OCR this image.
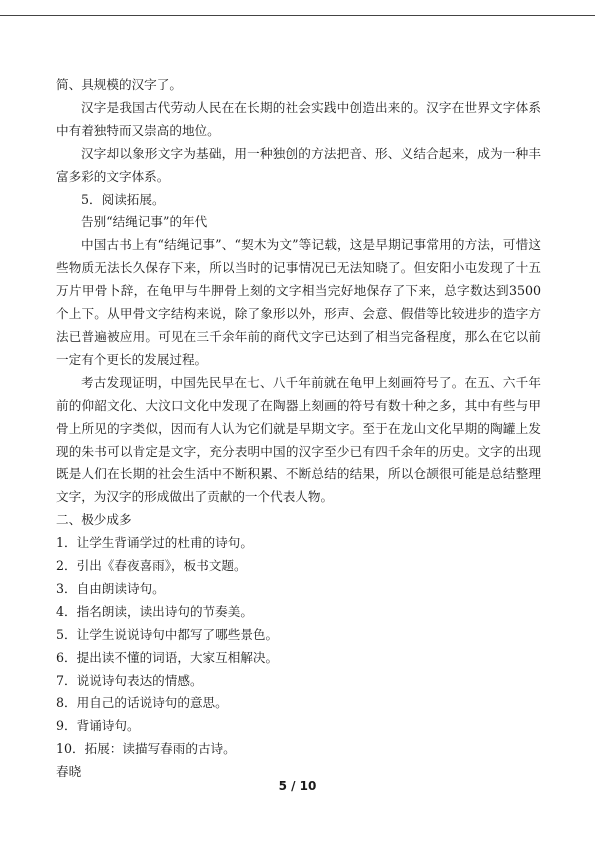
简、具规模的汉字了。

汉字是我国古代劳动人民在在长期的社会实践中创造出来的。汉字在世界文字体系中有着独特而又崇高的地位。

汉字却以象形文字为基础，用一种独创的方法把音、形、义结合起来，成为一种丰富多彩的文字体系。

5．阅读拓展。

告别“结绳记事”的年代

中国古书上有“结绳记事”、“契木为文”等记载，这是早期记事常用的方法，可惜这些物质无法长久保存下来，所以当时的记事情况已无法知晓了。但安阳小屯发现了十五万片甲骨卜辞，在龟甲与牛胛骨上刻的文字相当完好地保存了下来，总字数达到3500个上下。从甲骨文字结构来说，除了象形以外，形声、会意、假借等比较进步的造字方法已普遍被应用。可见在三千余年前的商代文字已达到了相当完备程度，那么在它以前一定有个更长的发展过程。

考古发现证明，中国先民早在七、八千年前就在龟甲上刻画符号了。在五、六千年前的仰韶文化、大汶口文化中发现了在陶器上刻画的符号有数十种之多，其中有些与甲骨上所见的字类似，因而有人认为它们就是早期文字。至于在龙山文化早期的陶罐上发现的朱书可以肯定是文字，充分表明中国的汉字至少已有四千余年的历史。文字的出现既是人们在长期的社会生活中不断积累、不断总结的结果，所以仓颉很可能是总结整理文字，为汉字的形成做出了贡献的一个代表人物。

二、极少成多

1．让学生背诵学过的杜甫的诗句。

2．引出《春夜喜雨》，板书文题。

3．自由朗读诗句。

4．指名朗读，读出诗句的节奏美。

5．让学生说说诗句中都写了哪些景色。

6．提出读不懂的词语，大家互相解决。

7．说说诗句表达的情感。

8．用自己的话说诗句的意思。

9．背诵诗句。

10．拓展：读描写春雨的古诗。

春晓

5 / 10
